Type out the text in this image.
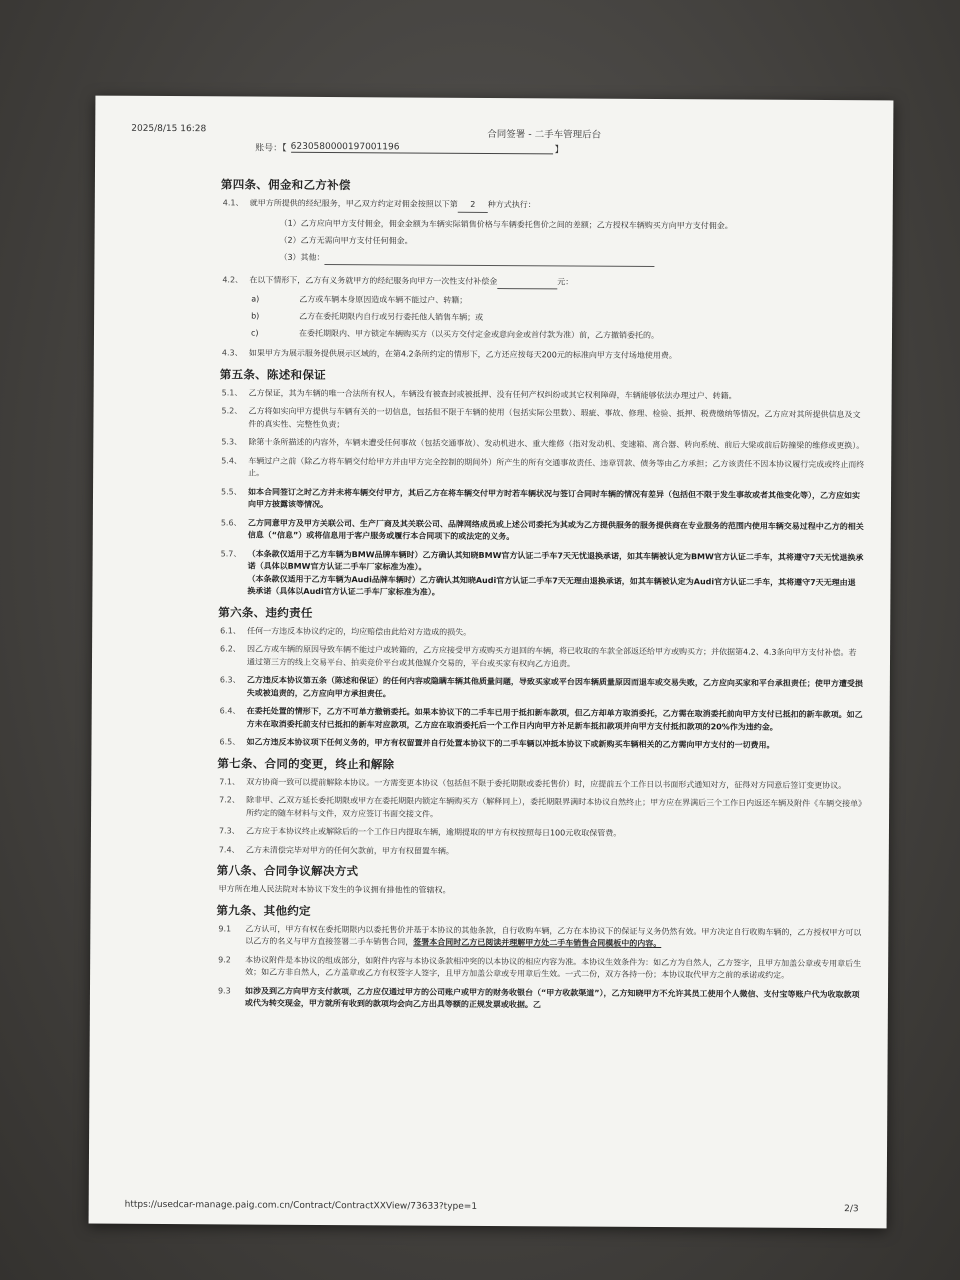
2025/8/15 16:28	合同签署 - 二手车管理后台
账号：【 623058000019700​1196	】
第四条、佣金和乙方补偿
4.1、 就甲方所提供的经纪服务，甲乙双方约定对佣金按照以下第 2 种方式执行：
（1）乙方应向甲方支付佣金，佣金金额为车辆实际销售价格与车辆委托售价之间的差额；乙方授权车辆购买方向甲方支付佣金。
（2）乙方无需向甲方支付任何佣金。
（3）其他：
4.2、 在以下情形下，乙方有义务就甲方的经纪服务向甲方一次性支付补偿金	元：
a)	乙方或车辆本身原因造成车辆不能过户、转籍；
b)	乙方在委托期限内自行或另行委托他人销售车辆；或
c)	在委托期限内、甲方锁定车辆购买方（以买方交付定金或意向金或首付款为准）前，乙方撤销委托的。
4.3、 如果甲方为展示服务提供展示区域的，在第4.2条所约定的情形下，乙方还应按每天200元的标准向甲方支付场地使用费。
第五条、陈述和保证
5.1、 乙方保证，其为车辆的唯一合法所有权人，车辆没有被查封或被抵押、没有任何产权纠纷或其它权利障碍，车辆能够依法办理过户、转籍。
5.2、 乙方将如实向甲方提供与车辆有关的一切信息，包括但不限于车辆的使用（包括实际公里数）、瑕疵、事故、修理、检验、抵押、税费缴纳等情况。乙方应对其所提供信息及文件的真实性、完整性负责；
5.3、 除第十条所描述的内容外，车辆未遭受任何事故（包括交通事故）、发动机进水、重大维修（指对发动机、变速箱、离合器、转向系统、前后大梁或前后防撞梁的维修或更换）。
5.4、 车辆过户之前（除乙方将车辆交付给甲方并由甲方完全控制的期间外）所产生的所有交通事故责任、违章罚款、债务等由乙方承担；乙方该责任不因本协议履行完成或终止而终止。
5.5、 如本合同签订之时乙方并未将车辆交付甲方，其后乙方在将车辆交付甲方时若车辆状况与签订合同时车辆的情况有差异（包括但不限于发生事故或者其他变化等），乙方应如实向甲方披露该等情况。
5.6、 乙方同意甲方及甲方关联公司、生产厂商及其关联公司、品牌网络成员或上述公司委托为其或为乙方提供服务的服务提供商在专业服务的范围内使用车辆交易过程中乙方的相关信息（“信息”）或将信息用于客户服务或履行本合同项下的或法定的义务。
5.7、 （本条款仅适用于乙方车辆为BMW品牌车辆时）乙方确认其知晓BMW官方认证二手车7天无忧退换承诺，如其车辆被认定为BMW官方认证二手车，其将遵守7天无忧退换承诺（具体以BMW官方认证二手车厂家标准为准）。
（本条款仅适用于乙方车辆为Audi品牌车辆时）乙方确认其知晓Audi官方认证二手车7天无理由退换承诺，如其车辆被认定为Audi官方认证二手车，其将遵守7天无理由退换承诺（具体以Audi官方认证二手车厂家标准为准）。
第六条、违约责任
6.1、 任何一方违反本协议约定的，均应赔偿由此给对方造成的损失。
6.2、 因乙方或车辆的原因导致车辆不能过户或转籍的，乙方应接受甲方或购买方退回的车辆，将已收取的车款全部返还给甲方或购买方；并依据第4.2、4.3条向甲方支付补偿。若通过第三方的线上交易平台、拍卖竞价平台或其他媒介交易的，平台或买家有权向乙方追责。
6.3、 乙方违反本协议第五条（陈述和保证）的任何内容或隐瞒车辆其他质量问题，导致买家或平台因车辆质量原因而退车或交易失败，乙方应向买家和平台承担责任；使甲方遭受损失或被追责的，乙方应向甲方承担责任。
6.4、 在委托处置的情形下，乙方不可单方撤销委托。如果本协议下的二手车已用于抵扣新车款项，但乙方却单方取消委托，乙方需在取消委托前向甲方支付已抵扣的新车款项。如乙方未在取消委托前支付已抵扣的新车对应款项，乙方应在取消委托后一个工作日内向甲方补足新车抵扣款项并向甲方支付抵扣款项的20%作为违约金。
6.5、 如乙方违反本协议项下任何义务的，甲方有权留置并自行处置本协议下的二手车辆以冲抵本协议下或新购买车辆相关的乙方需向甲方支付的一切费用。
第七条、合同的变更，终止和解除
7.1、 双方协商一致可以提前解除本协议。一方需变更本协议（包括但不限于委托期限或委托售价）时，应提前五个工作日以书面形式通知对方，征得对方同意后签订变更协议。
7.2、 除非甲、乙双方延长委托期限或甲方在委托期限内锁定车辆购买方（解释同上），委托期限界满时本协议自然终止；甲方应在界满后三个工作日内返还车辆及附件《车辆交接单》所约定的随车材料与文件，双方应签订书面交接文件。
7.3、 乙方应于本协议终止或解除后的一个工作日内提取车辆，逾期提取的甲方有权按照每日100元收取保管费。
7.4、 乙方未清偿完毕对甲方的任何欠款前，甲方有权留置车辆。
第八条、合同争议解决方式
甲方所在地人民法院对本协议下发生的争议拥有排他性的管辖权。
第九条、其他约定
9.1	乙方认可，甲方有权在委托期限内以委托售价并基于本协议的其他条款，自行收购车辆，乙方在本协议下的保证与义务仍然有效。甲方决定自行收购车辆的，乙方授权甲方可以以乙方的名义与甲方直接签署二手车销售合同，签署本合同时乙方已阅读并理解甲方处二手车销售合同模板中的内容。
9.2	本协议附件是本协议的组成部分，如附件内容与本协议条款相冲突的以本协议的相应内容为准。本协议生效条件为：如乙方为自然人，乙方签字，且甲方加盖公章或专用章后生效；如乙方非自然人，乙方盖章或乙方有权签字人签字，且甲方加盖公章或专用章后生效。一式二份，双方各持一份；本协议取代甲方之前的承诺或约定。
9.3	如涉及到乙方向甲方支付款项，乙方应仅通过甲方的公司账户或甲方的财务收银台（“甲方收款渠道”），乙方知晓甲方不允许其员工使用个人微信、支付宝等账户代为收取款项或代为转交现金，甲方就所有收到的款项均会向乙方出具等额的正规发票或收据。乙
https://usedcar-manage.paig.com.cn/Contract/ContractXXView/73633?type=1	2/3
